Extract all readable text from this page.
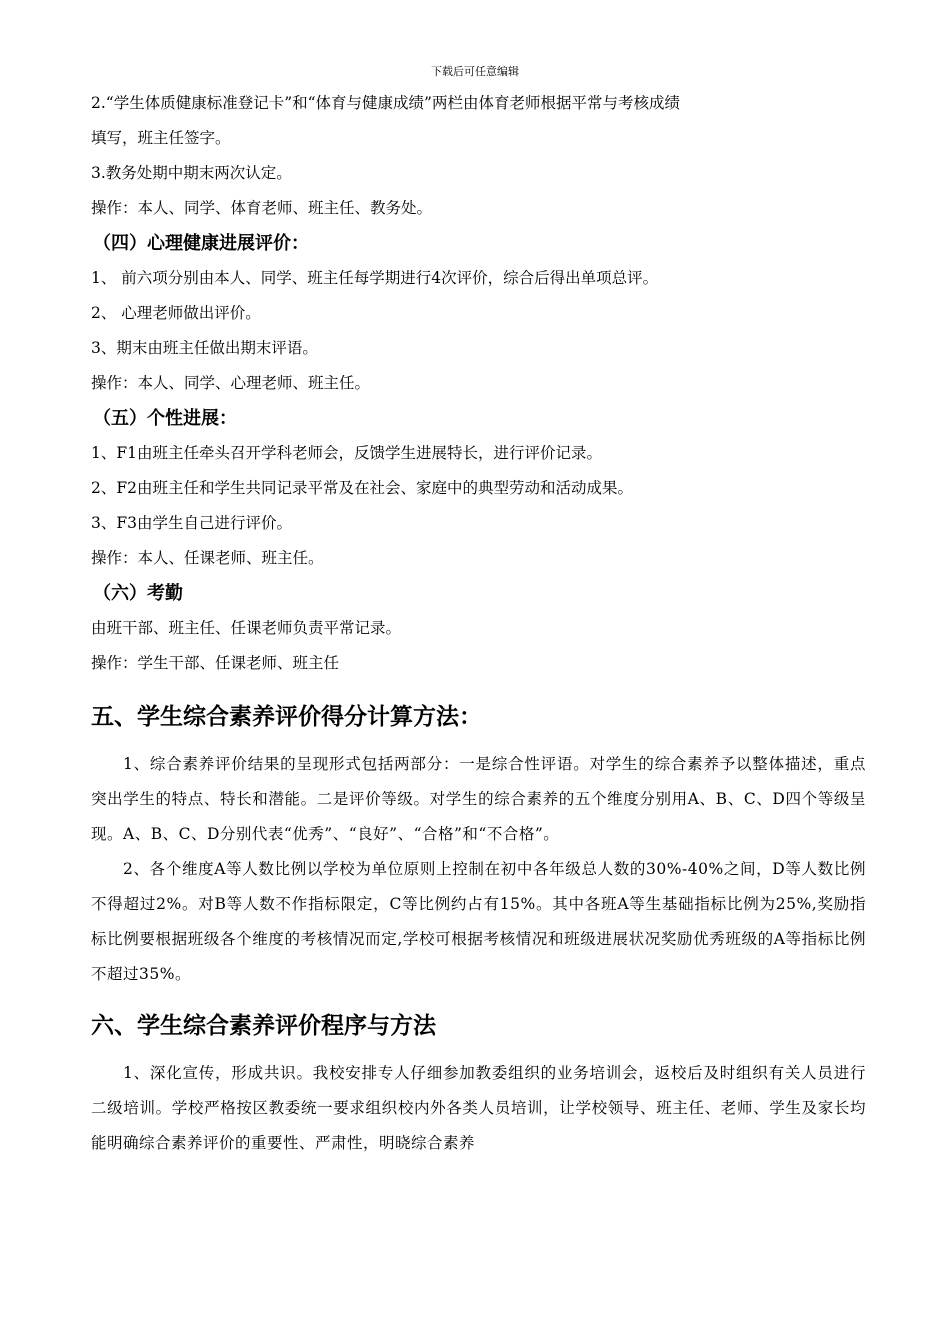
下载后可任意编辑

2.“学生体质健康标准登记卡”和“体育与健康成绩”两栏由体育老师根据平常与考核成绩

填写，班主任签字。

3.教务处期中期末两次认定。

操作：本人、同学、体育老师、班主任、教务处。

（四）心理健康进展评价：

1、 前六项分别由本人、同学、班主任每学期进行4次评价，综合后得出单项总评。

2、 心理老师做出评价。

3、期末由班主任做出期末评语。

操作：本人、同学、心理老师、班主任。

（五）个性进展：

1、F1由班主任牵头召开学科老师会，反馈学生进展特长，进行评价记录。

2、F2由班主任和学生共同记录平常及在社会、家庭中的典型劳动和活动成果。

3、F3由学生自己进行评价。

操作：本人、任课老师、班主任。

（六）考勤

由班干部、班主任、任课老师负责平常记录。

操作：学生干部、任课老师、班主任

五、学生综合素养评价得分计算方法：

1、综合素养评价结果的呈现形式包括两部分：一是综合性评语。对学生的综合素养予以整体描述，重点突出学生的特点、特长和潜能。二是评价等级。对学生的综合素养的五个维度分别用A、B、C、D四个等级呈现。A、B、C、D分别代表“优秀”、“良好”、“合格”和“不合格”。

2、各个维度A等人数比例以学校为单位原则上控制在初中各年级总人数的30%-40%之间，D等人数比例不得超过2%。对B等人数不作指标限定，C等比例约占有15%。其中各班A等生基础指标比例为25%,奖励指标比例要根据班级各个维度的考核情况而定,学校可根据考核情况和班级进展状况奖励优秀班级的A等指标比例不超过35%。

六、学生综合素养评价程序与方法

1、深化宣传，形成共识。我校安排专人仔细参加教委组织的业务培训会，返校后及时组织有关人员进行二级培训。学校严格按区教委统一要求组织校内外各类人员培训，让学校领导、班主任、老师、学生及家长均能明确综合素养评价的重要性、严肃性，明晓综合素养
